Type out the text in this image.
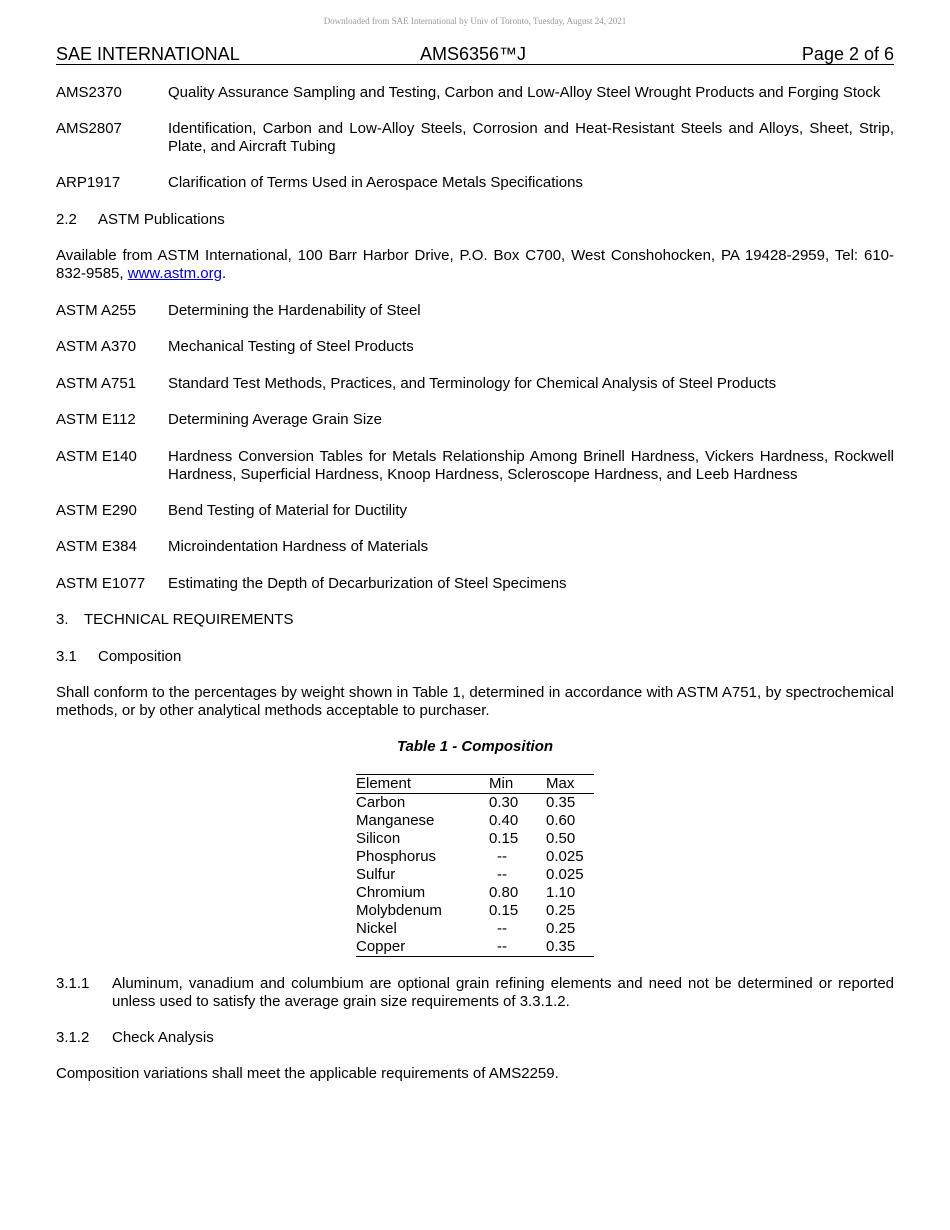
Downloaded from SAE International by Univ of Toronto, Tuesday, August 24, 2021
SAE INTERNATIONAL	AMS6356™J	Page 2 of 6
AMS2370	Quality Assurance Sampling and Testing, Carbon and Low-Alloy Steel Wrought Products and Forging Stock
AMS2807	Identification, Carbon and Low-Alloy Steels, Corrosion and Heat-Resistant Steels and Alloys, Sheet, Strip, Plate, and Aircraft Tubing
ARP1917	Clarification of Terms Used in Aerospace Metals Specifications
2.2 ASTM Publications
Available from ASTM International, 100 Barr Harbor Drive, P.O. Box C700, West Conshohocken, PA 19428-2959, Tel: 610-832-9585, www.astm.org.
ASTM A255 Determining the Hardenability of Steel
ASTM A370 Mechanical Testing of Steel Products
ASTM A751 Standard Test Methods, Practices, and Terminology for Chemical Analysis of Steel Products
ASTM E112 Determining Average Grain Size
ASTM E140 Hardness Conversion Tables for Metals Relationship Among Brinell Hardness, Vickers Hardness, Rockwell Hardness, Superficial Hardness, Knoop Hardness, Scleroscope Hardness, and Leeb Hardness
ASTM E290 Bend Testing of Material for Ductility
ASTM E384 Microindentation Hardness of Materials
ASTM E1077 Estimating the Depth of Decarburization of Steel Specimens
3. TECHNICAL REQUIREMENTS
3.1 Composition
Shall conform to the percentages by weight shown in Table 1, determined in accordance with ASTM A751, by spectrochemical methods, or by other analytical methods acceptable to purchaser.
Table 1 - Composition
Element	Min	Max
Carbon	0.30	0.35
Manganese	0.40	0.60
Silicon	0.15	0.50
Phosphorus	--	0.025
Sulfur	--	0.025
Chromium	0.80	1.10
Molybdenum	0.15	0.25
Nickel	--	0.25
Copper	--	0.35
3.1.1 Aluminum, vanadium and columbium are optional grain refining elements and need not be determined or reported unless used to satisfy the average grain size requirements of 3.3.1.2.
3.1.2 Check Analysis
Composition variations shall meet the applicable requirements of AMS2259.
